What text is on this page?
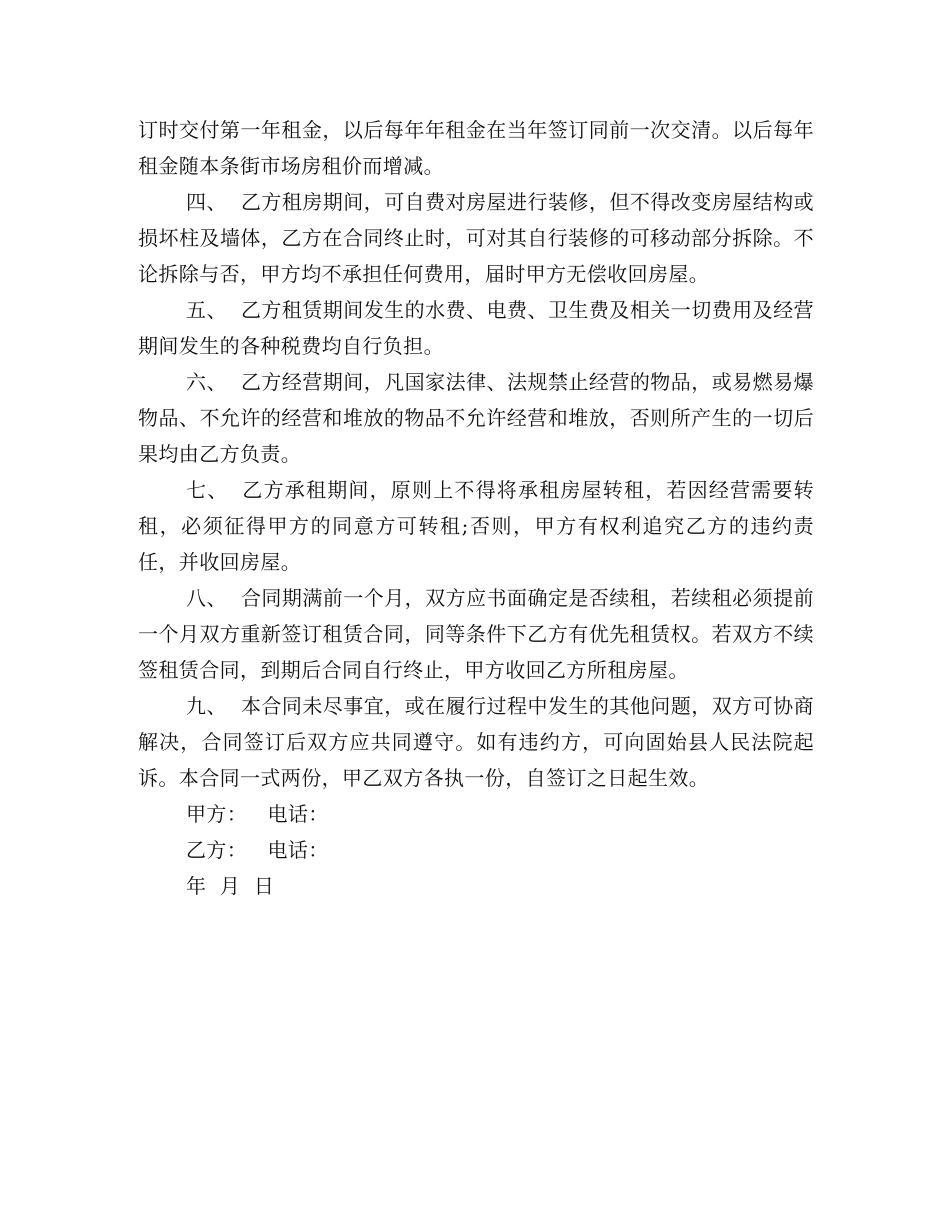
订时交付第一年租金，以后每年年租金在当年签订同前一次交清。以后每年租金随本条街市场房租价而增减。

四、 乙方租房期间，可自费对房屋进行装修，但不得改变房屋结构或损坏柱及墙体，乙方在合同终止时，可对其自行装修的可移动部分拆除。不论拆除与否，甲方均不承担任何费用，届时甲方无偿收回房屋。

五、 乙方租赁期间发生的水费、电费、卫生费及相关一切费用及经营期间发生的各种税费均自行负担。

六、 乙方经营期间，凡国家法律、法规禁止经营的物品，或易燃易爆物品、不允许的经营和堆放的物品不允许经营和堆放，否则所产生的一切后果均由乙方负责。

七、 乙方承租期间，原则上不得将承租房屋转租，若因经营需要转租，必须征得甲方的同意方可转租;否则，甲方有权利追究乙方的违约责任，并收回房屋。

八、 合同期满前一个月，双方应书面确定是否续租，若续租必须提前一个月双方重新签订租赁合同，同等条件下乙方有优先租赁权。若双方不续签租赁合同，到期后合同自行终止，甲方收回乙方所租房屋。

九、 本合同未尽事宜，或在履行过程中发生的其他问题，双方可协商解决，合同签订后双方应共同遵守。如有违约方，可向固始县人民法院起诉。本合同一式两份，甲乙双方各执一份，自签订之日起生效。

甲方：   电话：

乙方：   电话：

年  月  日
